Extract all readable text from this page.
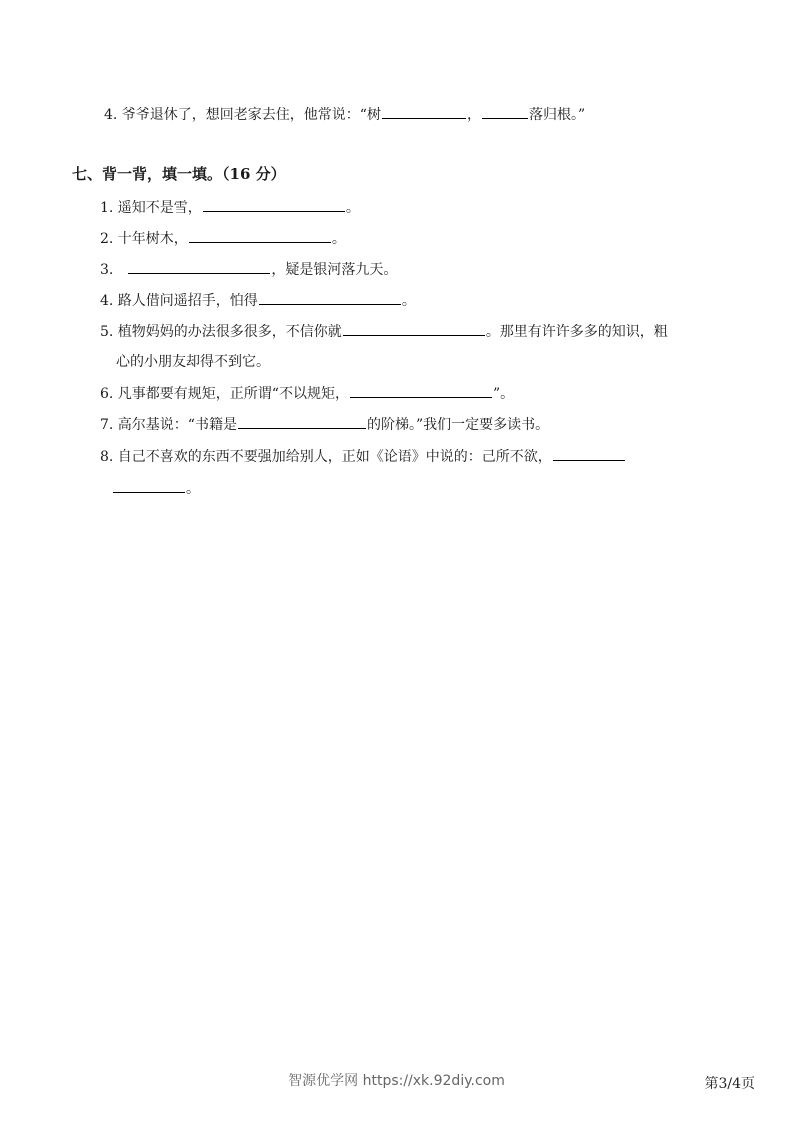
4. 爷爷退休了，想回老家去住，他常说：“树	，	落归根。”
七、背一背，填一填。（16 分）
1. 遥知不是雪，	。
2. 十年树木，	。
3.	，疑是银河落九天。
4. 路人借问遥招手，怕得	。
5. 植物妈妈的办法很多很多，不信你就	。那里有许许多多的知识，粗
心的小朋友却得不到它。
6. 凡事都要有规矩，正所谓“不以规矩，	”。
7. 高尔基说：“书籍是	的阶梯。”我们一定要多读书。
8. 自己不喜欢的东西不要强加给别人，正如《论语》中说的：己所不欲，
。
智源优学网 https://xk.92diy.com	第3/4页
